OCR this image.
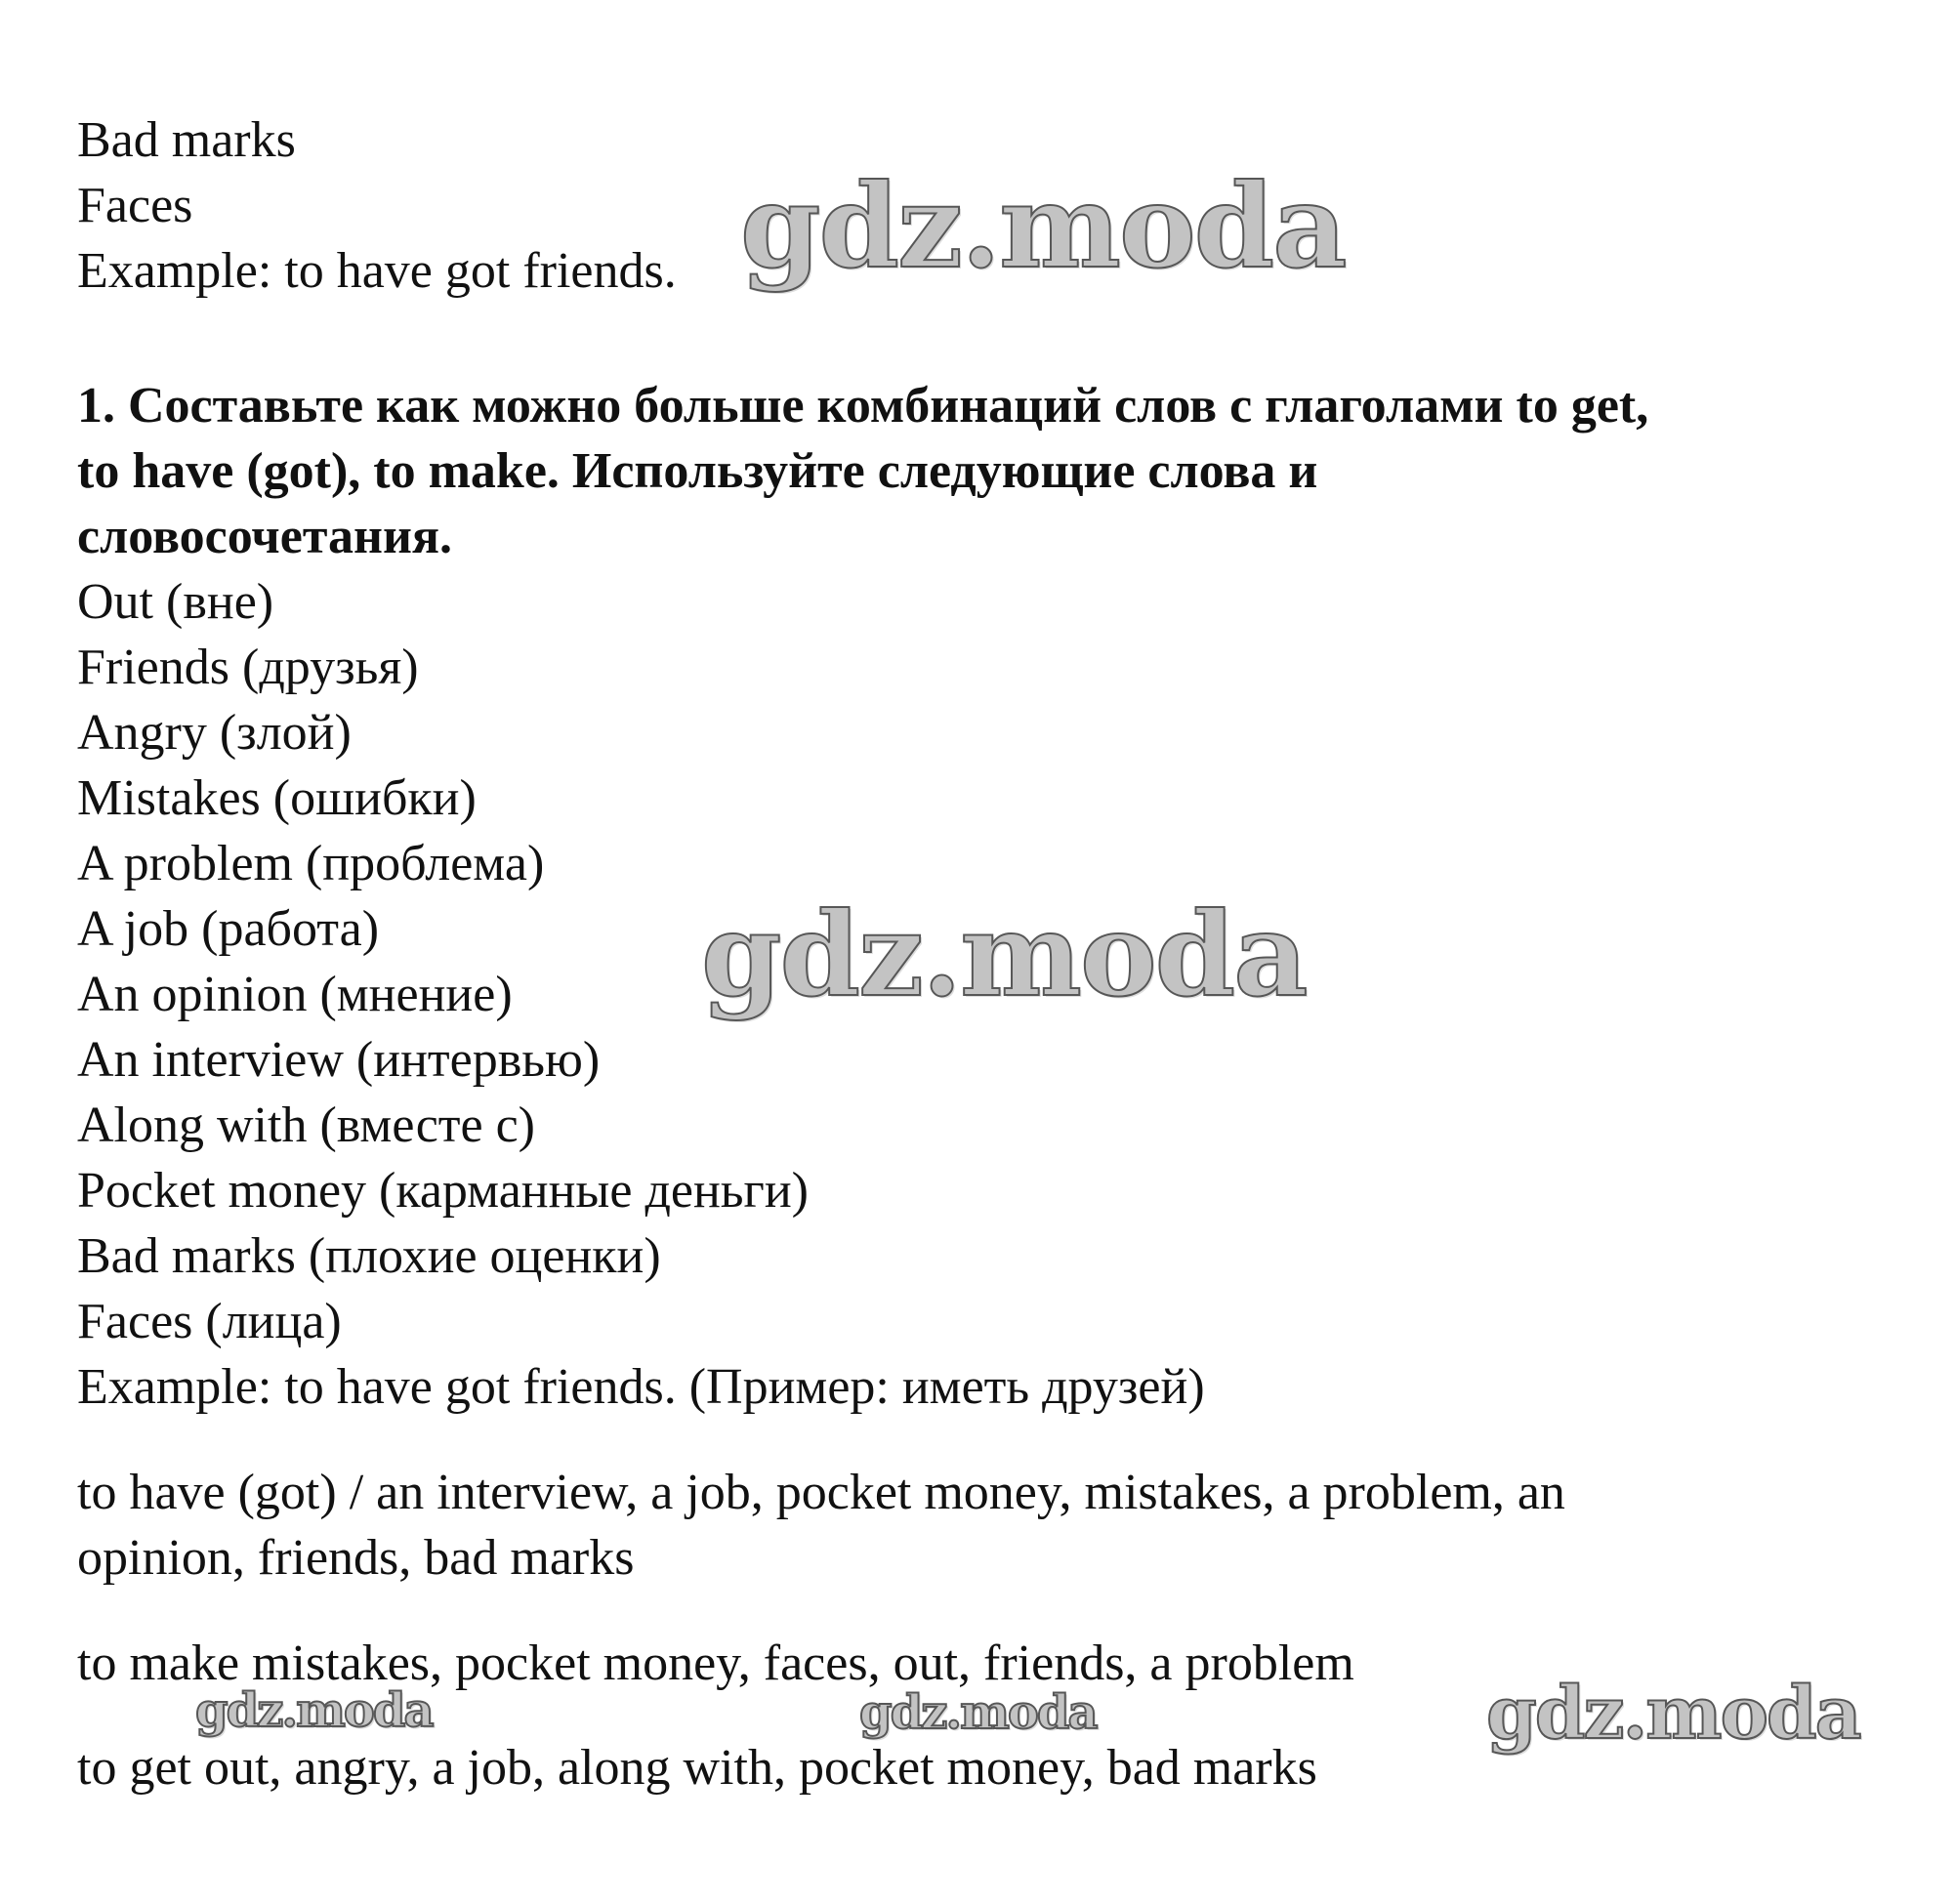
Bad marks
Faces
Example: to have got friends.
1. Составьте как можно больше комбинаций слов с глаголами to get,
to have (got), to make. Используйте следующие слова и
словосочетания.
Out (вне)
Friends (друзья)
Angry (злой)
Mistakes (ошибки)
A problem (проблема)
A job (работа)
An opinion (мнение)
An interview (интервью)
Along with (вместе с)
Pocket money (карманные деньги)
Bad marks (плохие оценки)
Faces (лица)
Example: to have got friends. (Пример: иметь друзей)
to have (got) / an interview, a job, pocket money, mistakes, a problem, an
opinion, friends, bad marks
to make mistakes, pocket money, faces, out, friends, a problem
to get out, angry, a job, along with, pocket money, bad marks
gdz.moda
gdz.moda
gdz.moda	gdz.moda	gdz.moda
